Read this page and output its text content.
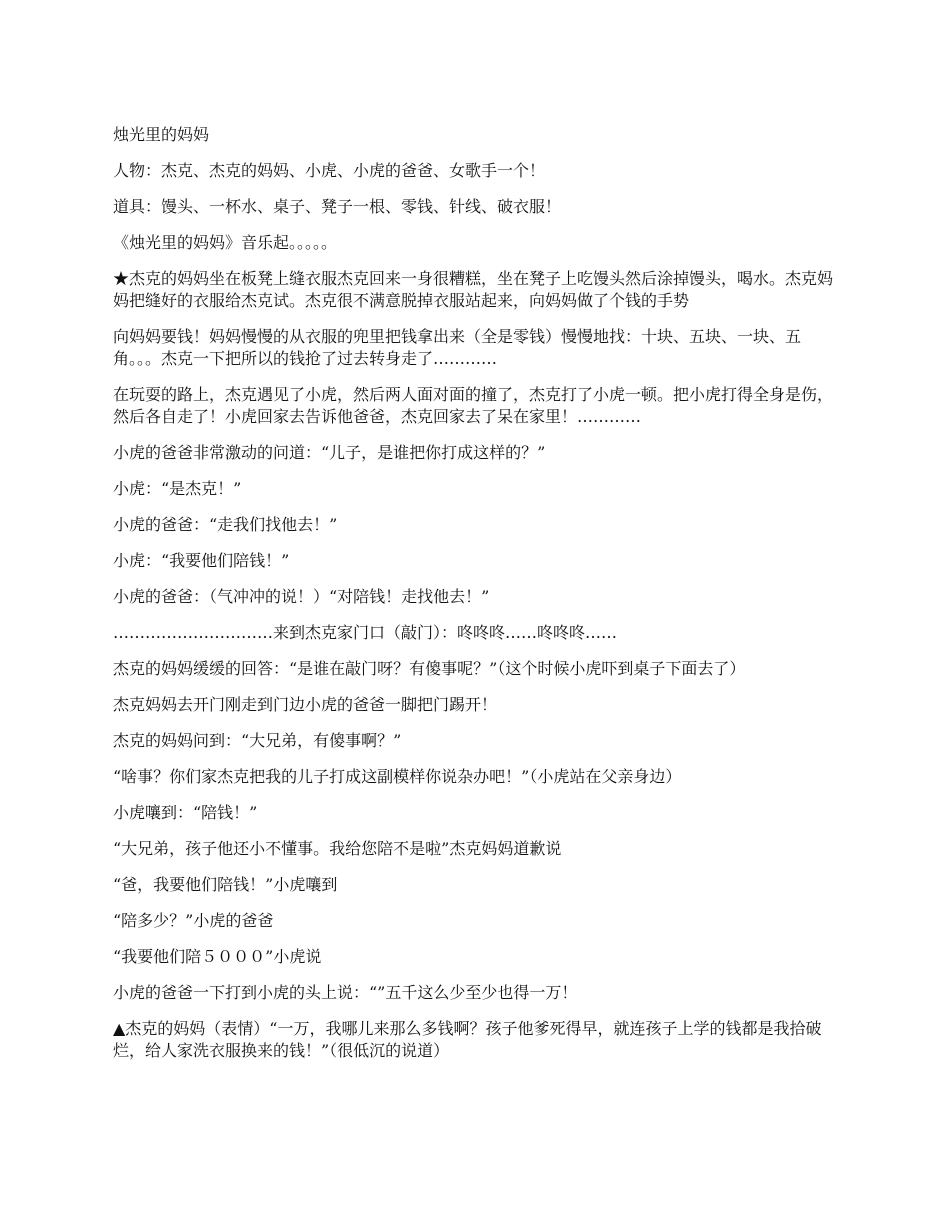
烛光里的妈妈

人物：杰克、杰克的妈妈、小虎、小虎的爸爸、女歌手一个！

道具：馒头、一杯水、桌子、凳子一根、零钱、针线、破衣服！

《烛光里的妈妈》音乐起。。。。。

★杰克的妈妈坐在板凳上缝衣服杰克回来一身很糟糕，坐在凳子上吃馒头然后涂掉馒头，喝水。杰克妈妈把缝好的衣服给杰克试。杰克很不满意脱掉衣服站起来，向妈妈做了个钱的手势

向妈妈要钱！妈妈慢慢的从衣服的兜里把钱拿出来（全是零钱）慢慢地找：十块、五块、一块、五角。。。杰克一下把所以的钱抢了过去转身走了…………

在玩耍的路上，杰克遇见了小虎，然后两人面对面的撞了，杰克打了小虎一顿。把小虎打得全身是伤，然后各自走了！小虎回家去告诉他爸爸，杰克回家去了呆在家里！…………

小虎的爸爸非常激动的问道：“儿子，是谁把你打成这样的？”

小虎：“是杰克！”

小虎的爸爸：“走我们找他去！”

小虎：“我要他们陪钱！”

小虎的爸爸：（气冲冲的说！）“对陪钱！走找他去！”

…………………………来到杰克家门口（敲门）：咚咚咚……咚咚咚……

杰克的妈妈缓缓的回答：“是谁在敲门呀？有傻事呢？”（这个时候小虎吓到桌子下面去了）

杰克妈妈去开门刚走到门边小虎的爸爸一脚把门踢开！

杰克的妈妈问到：“大兄弟，有傻事啊？”

“啥事？你们家杰克把我的儿子打成这副模样你说杂办吧！”（小虎站在父亲身边）

小虎嚷到：“陪钱！”

“大兄弟，孩子他还小不懂事。我给您陪不是啦”杰克妈妈道歉说

“爸，我要他们陪钱！”小虎嚷到

“陪多少？”小虎的爸爸

“我要他们陪５０００”小虎说

小虎的爸爸一下打到小虎的头上说：“”五千这么少至少也得一万！

▲杰克的妈妈（表情）“一万，我哪儿来那么多钱啊？孩子他爹死得早，就连孩子上学的钱都是我拾破烂，给人家洗衣服换来的钱！”（很低沉的说道）
